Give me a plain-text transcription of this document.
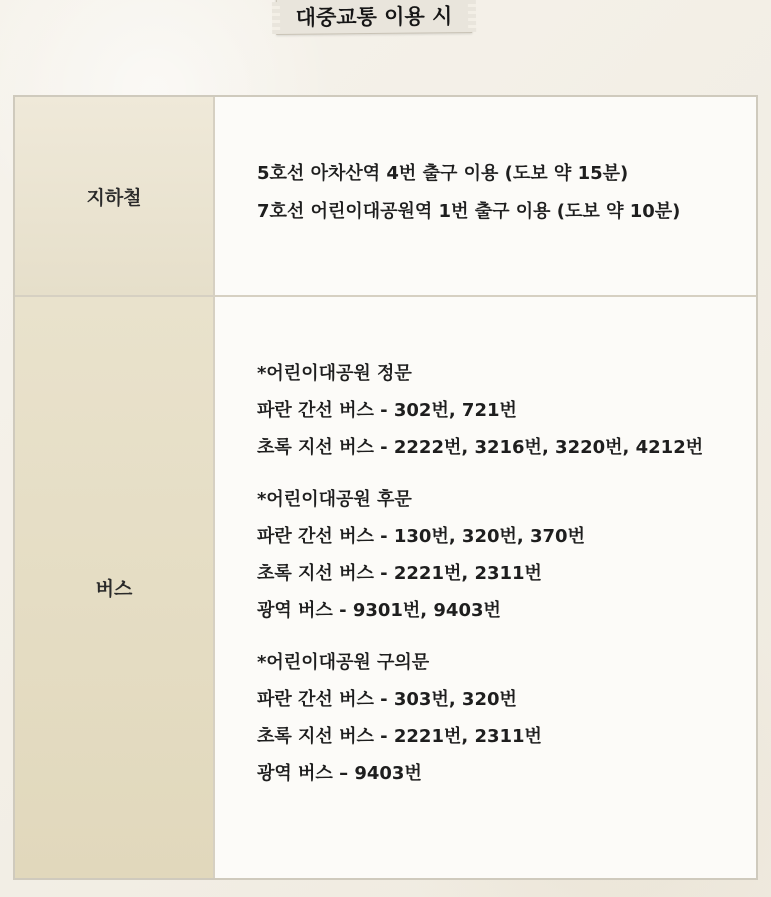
대중교통 이용 시
지하철
5호선 아차산역 4번 출구 이용 (도보 약 15분)
7호선 어린이대공원역 1번 출구 이용 (도보 약 10분)
버스
*어린이대공원 정문
파란 간선 버스 - 302번, 721번
초록 지선 버스 - 2222번, 3216번, 3220번, 4212번
*어린이대공원 후문
파란 간선 버스 - 130번, 320번, 370번
초록 지선 버스 - 2221번, 2311번
광역 버스 - 9301번, 9403번
*어린이대공원 구의문
파란 간선 버스 - 303번, 320번
초록 지선 버스 - 2221번, 2311번
광역 버스 – 9403번
